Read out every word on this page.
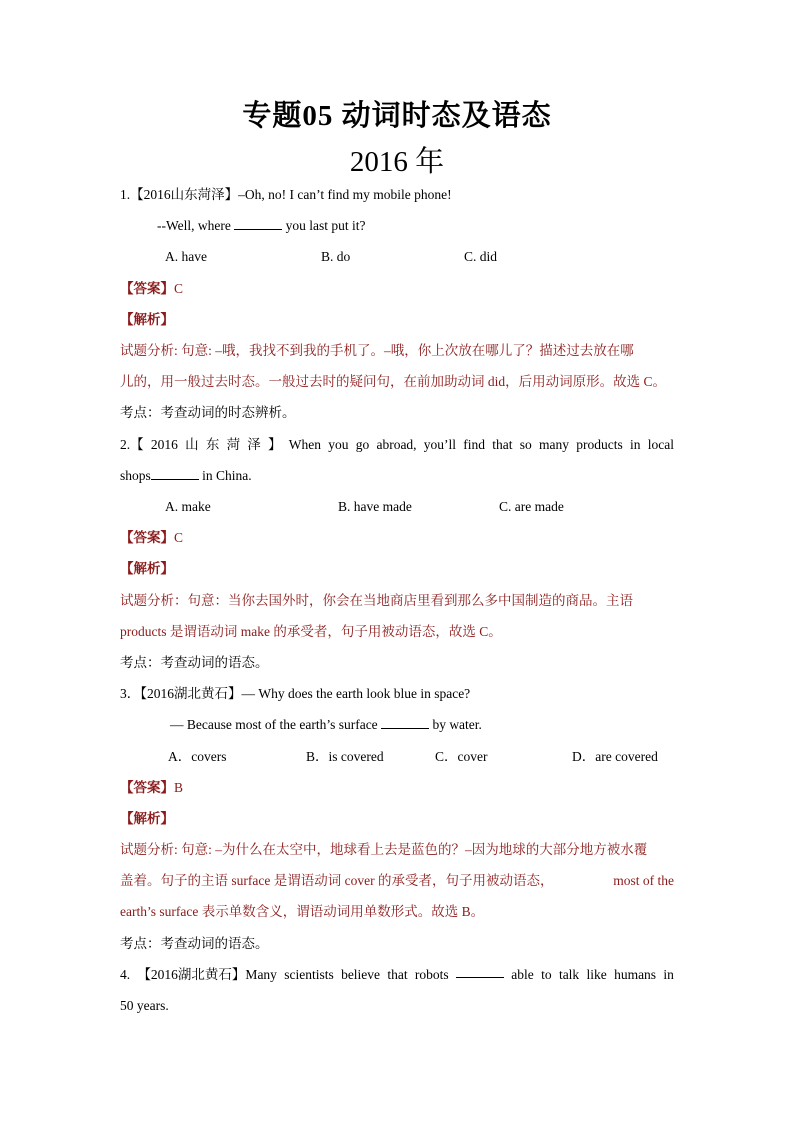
专题05 动词时态及语态
2016 年
1.【2016山东菏泽】–Oh, no! I can’t find my mobile phone!
--Well, where	you last put it?
A. have	B. do	C. did
【答案】C
【解析】
试题分析: 句意: –哦，我找不到我的手机了。–哦，你上次放在哪儿了？描述过去放在哪
儿的，用一般过去时态。一般过去时的疑问句，在前加助动词 did，后用动词原形。故选 C。
考点：考查动词的时态辨析。
2.【 2016 山 东 菏 泽 】 When you go abroad, you’ll find that so many products in local
shops	in China.
A. make	B. have made	C. are made
【答案】C
【解析】
试题分析：句意：当你去国外时，你会在当地商店里看到那么多中国制造的商品。主语
products 是谓语动词 make 的承受者，句子用被动语态，故选 C。
考点：考查动词的语态。
3．【2016湖北黄石】— Why does the earth look blue in space?
— Because most of the earth’s surface	by water.
A．covers	B．is covered	C．cover	D．are covered
【答案】B
【解析】
试题分析: 句意: –为什么在太空中，地球看上去是蓝色的？–因为地球的大部分地方被水覆
盖着。句子的主语 surface 是谓语动词 cover 的承受者，句子用被动语态，	most of the
earth’s surface 表示单数含义，谓语动词用单数形式。故选 B。
考点：考查动词的语态。
4. 【2016湖北黄石】Many scientists believe that robots	able to talk like humans in
50 years.
